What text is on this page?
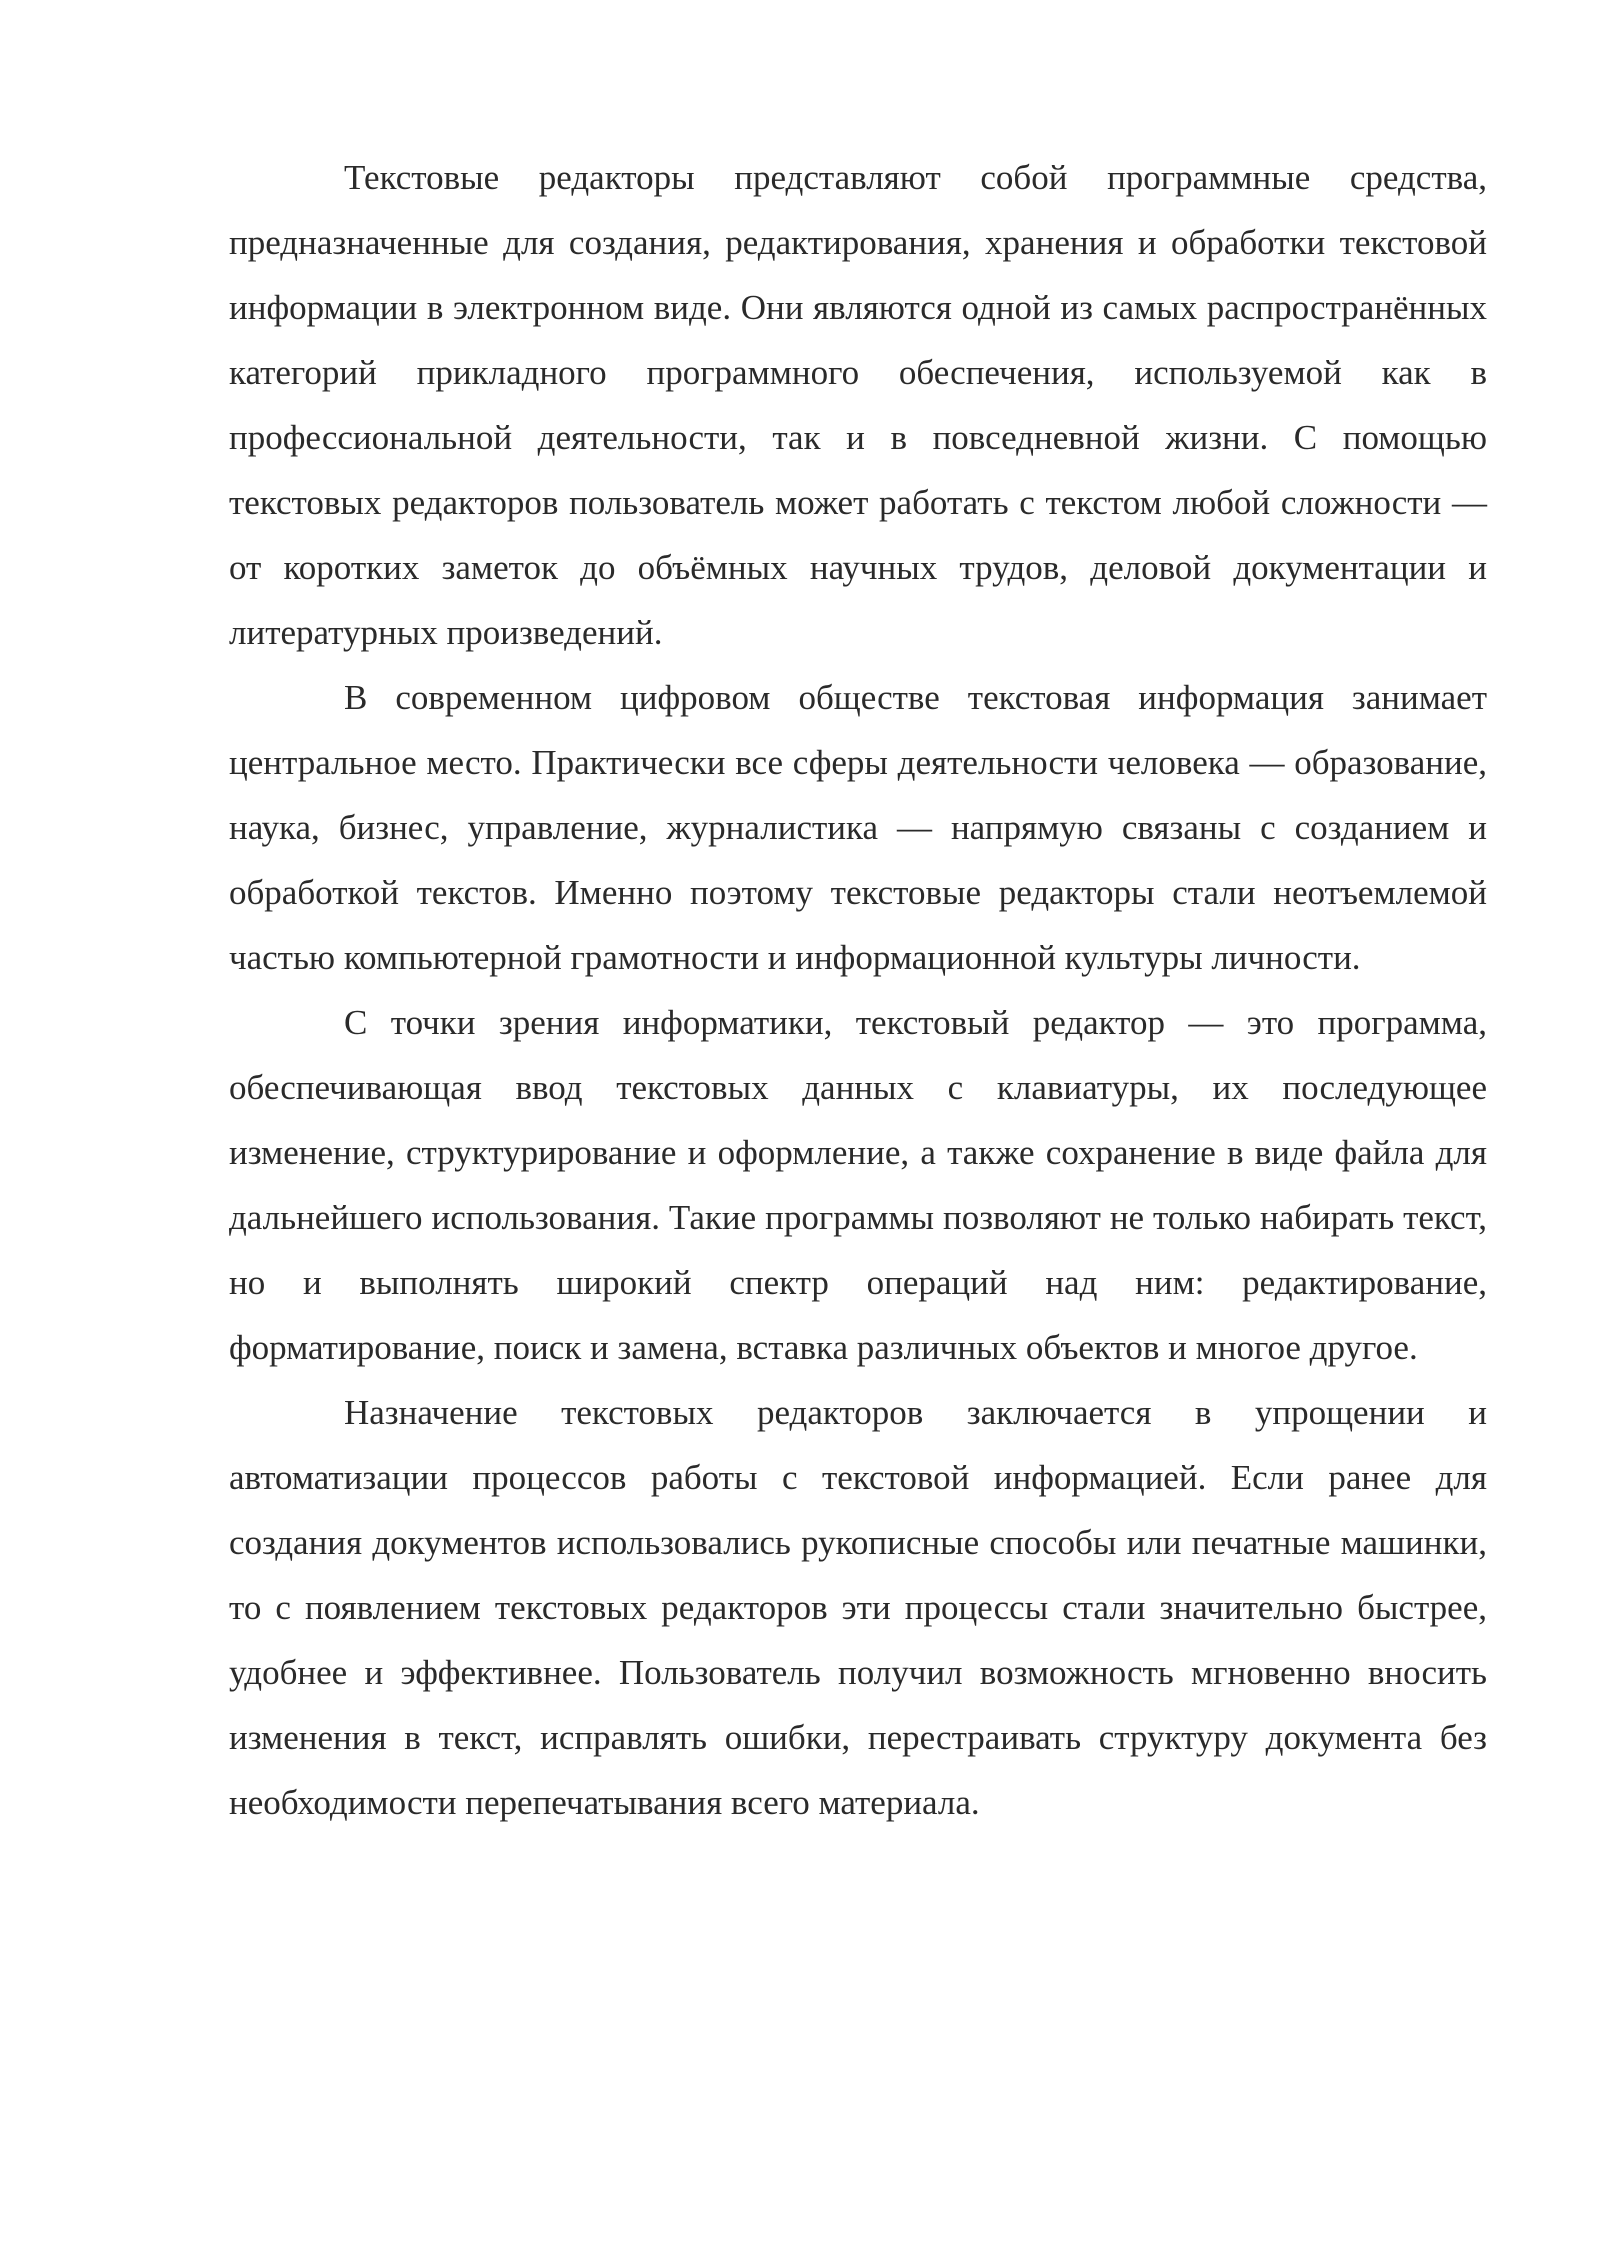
Текстовые редакторы представляют собой программные средства, предназначенные для создания, редактирования, хранения и обработки текстовой информации в электронном виде. Они являются одной из самых распространённых категорий прикладного программного обеспечения, используемой как в профессиональной деятельности, так и в повседневной жизни. С помощью текстовых редакторов пользователь может работать с текстом любой сложности — от коротких заметок до объёмных научных трудов, деловой документации и литературных произведений.

В современном цифровом обществе текстовая информация занимает центральное место. Практически все сферы деятельности человека — образование, наука, бизнес, управление, журналистика — напрямую связаны с созданием и обработкой текстов. Именно поэтому текстовые редакторы стали неотъемлемой частью компьютерной грамотности и информационной культуры личности.

С точки зрения информатики, текстовый редактор — это программа, обеспечивающая ввод текстовых данных с клавиатуры, их последующее изменение, структурирование и оформление, а также сохранение в виде файла для дальнейшего использования. Такие программы позволяют не только набирать текст, но и выполнять широкий спектр операций над ним: редактирование, форматирование, поиск и замена, вставка различных объектов и многое другое.

Назначение текстовых редакторов заключается в упрощении и автоматизации процессов работы с текстовой информацией. Если ранее для создания документов использовались рукописные способы или печатные машинки, то с появлением текстовых редакторов эти процессы стали значительно быстрее, удобнее и эффективнее. Пользователь получил возможность мгновенно вносить изменения в текст, исправлять ошибки, перестраивать структуру документа без необходимости перепечатывания всего материала.
